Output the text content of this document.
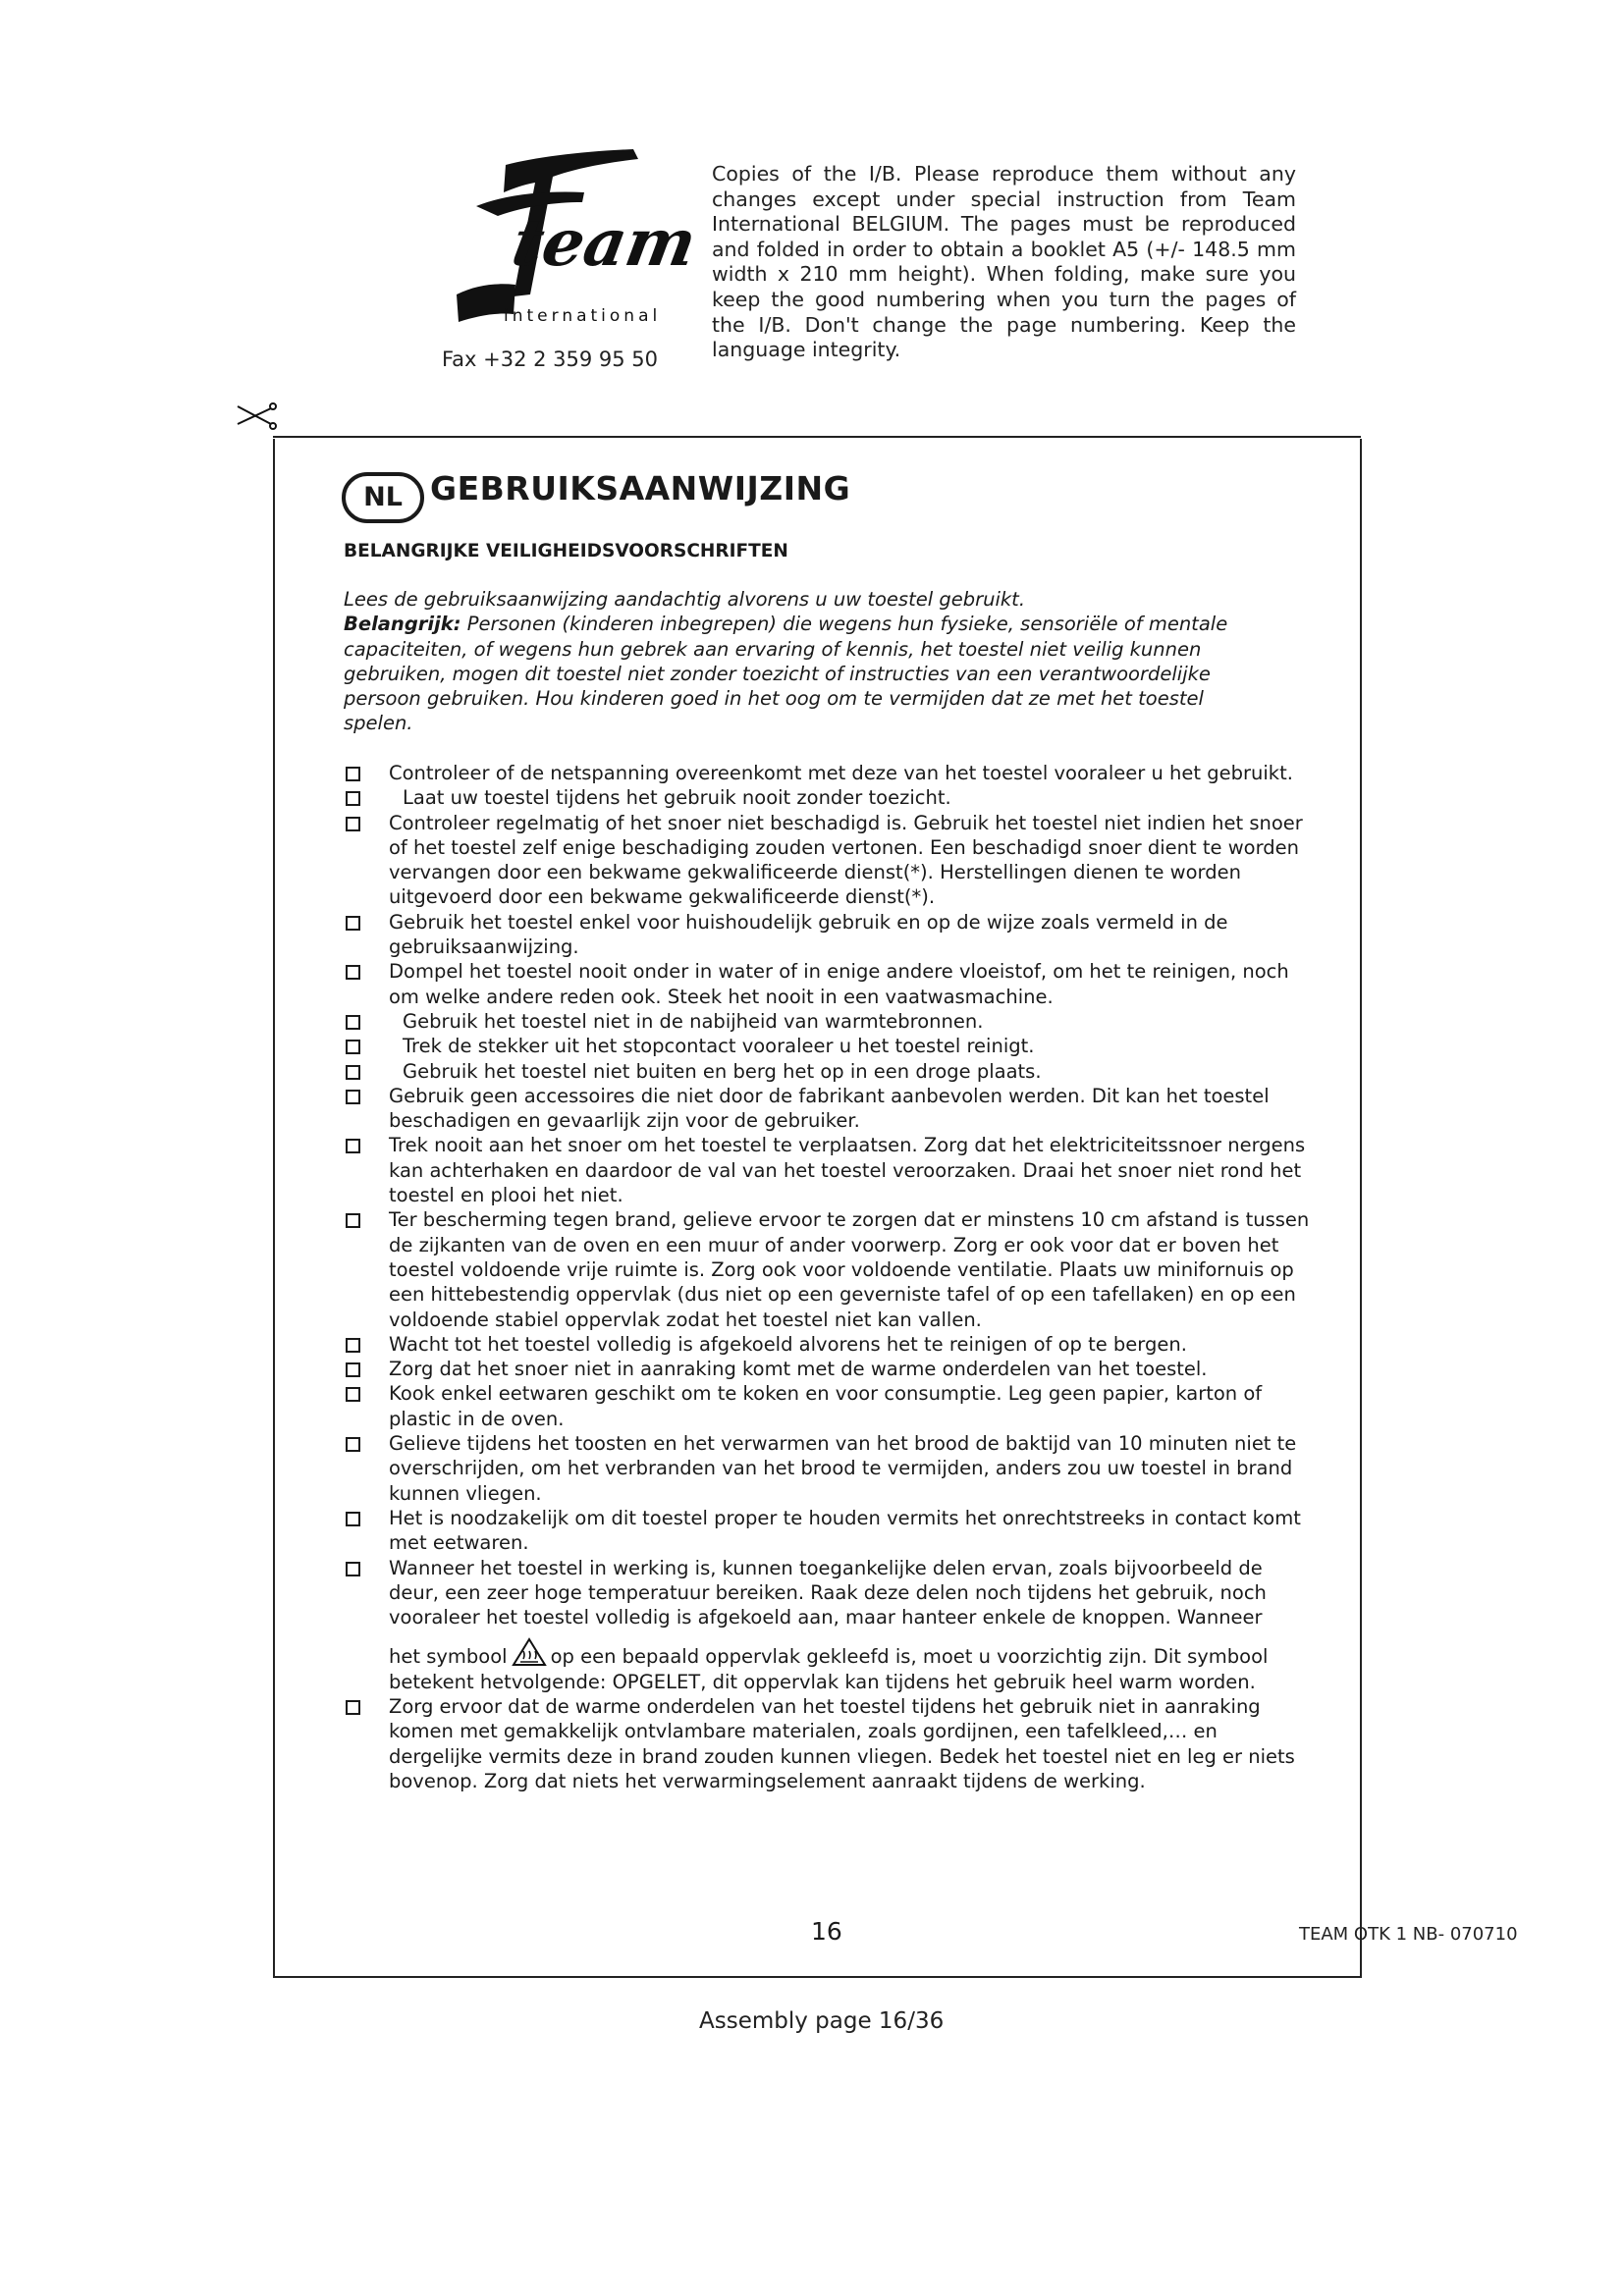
team
international
Fax +32 2 359 95 50
Copies of the I/B. Please reproduce them without any changes except under special instruction from Team International BELGIUM. The pages must be reproduced and folded in order to obtain a booklet A5 (+/- 148.5 mm width x 210 mm height). When folding, make sure you keep the good numbering when you turn the pages of the I/B. Don't change the page numbering. Keep the language integrity.
NL GEBRUIKSAANWIJZING
BELANGRIJKE VEILIGHEIDSVOORSCHRIFTEN
Lees de gebruiksaanwijzing aandachtig alvorens u uw toestel gebruikt.
Belangrijk: Personen (kinderen inbegrepen) die wegens hun fysieke, sensoriële of mentale capaciteiten, of wegens hun gebrek aan ervaring of kennis, het toestel niet veilig kunnen gebruiken, mogen dit toestel niet zonder toezicht of instructies van een verantwoordelijke persoon gebruiken. Hou kinderen goed in het oog om te vermijden dat ze met het toestel spelen.
Controleer of de netspanning overeenkomt met deze van het toestel vooraleer u het gebruikt.
Laat uw toestel tijdens het gebruik nooit zonder toezicht.
Controleer regelmatig of het snoer niet beschadigd is. Gebruik het toestel niet indien het snoer of het toestel zelf enige beschadiging zouden vertonen. Een beschadigd snoer dient te worden vervangen door een bekwame gekwalificeerde dienst(*). Herstellingen dienen te worden uitgevoerd door een bekwame gekwalificeerde dienst(*).
Gebruik het toestel enkel voor huishoudelijk gebruik en op de wijze zoals vermeld in de gebruiksaanwijzing.
Dompel het toestel nooit onder in water of in enige andere vloeistof, om het te reinigen, noch om welke andere reden ook. Steek het nooit in een vaatwasmachine.
Gebruik het toestel niet in de nabijheid van warmtebronnen.
Trek de stekker uit het stopcontact vooraleer u het toestel reinigt.
Gebruik het toestel niet buiten en berg het op in een droge plaats.
Gebruik geen accessoires die niet door de fabrikant aanbevolen werden. Dit kan het toestel beschadigen en gevaarlijk zijn voor de gebruiker.
Trek nooit aan het snoer om het toestel te verplaatsen. Zorg dat het elektriciteitssnoer nergens kan achterhaken en daardoor de val van het toestel veroorzaken. Draai het snoer niet rond het toestel en plooi het niet.
Ter bescherming tegen brand, gelieve ervoor te zorgen dat er minstens 10 cm afstand is tussen de zijkanten van de oven en een muur of ander voorwerp. Zorg er ook voor dat er boven het toestel voldoende vrije ruimte is. Zorg ook voor voldoende ventilatie. Plaats uw minifornuis op een hittebestendig oppervlak (dus niet op een geverniste tafel of op een tafellaken) en op een voldoende stabiel oppervlak zodat het toestel niet kan vallen.
Wacht tot het toestel volledig is afgekoeld alvorens het te reinigen of op te bergen.
Zorg dat het snoer niet in aanraking komt met de warme onderdelen van het toestel.
Kook enkel eetwaren geschikt om te koken en voor consumptie. Leg geen papier, karton of plastic in de oven.
Gelieve tijdens het toosten en het verwarmen van het brood de baktijd van 10 minuten niet te overschrijden, om het verbranden van het brood te vermijden, anders zou uw toestel in brand kunnen vliegen.
Het is noodzakelijk om dit toestel proper te houden vermits het onrechtstreeks in contact komt met eetwaren.
Wanneer het toestel in werking is, kunnen toegankelijke delen ervan, zoals bijvoorbeeld de deur, een zeer hoge temperatuur bereiken. Raak deze delen noch tijdens het gebruik, noch vooraleer het toestel volledig is afgekoeld aan, maar hanteer enkele de knoppen. Wanneer
het symbool op een bepaald oppervlak gekleefd is, moet u voorzichtig zijn. Dit symbool betekent hetvolgende: OPGELET, dit oppervlak kan tijdens het gebruik heel warm worden.
Zorg ervoor dat de warme onderdelen van het toestel tijdens het gebruik niet in aanraking komen met gemakkelijk ontvlambare materialen, zoals gordijnen, een tafelkleed,… en dergelijke vermits deze in brand zouden kunnen vliegen. Bedek het toestel niet en leg er niets bovenop. Zorg dat niets het verwarmingselement aanraakt tijdens de werking.
16	TEAM OTK 1 NB- 070710
Assembly page 16/36
